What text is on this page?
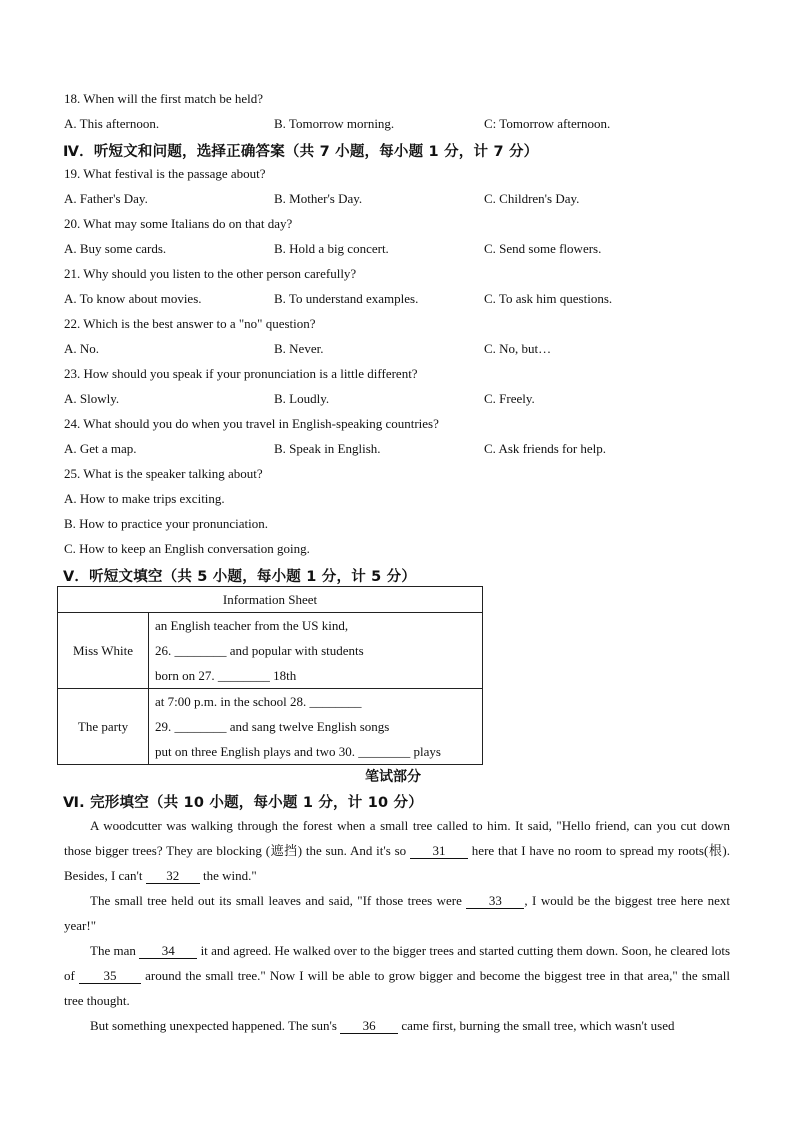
18. When will the first match be held?
A. This afternoon.	B. Tomorrow morning.	C: Tomorrow afternoon.
Ⅳ．听短文和问题，选择正确答案（共 7 小题，每小题 1 分，计 7 分）
19. What festival is the passage about?
A. Father's Day.	B. Mother's Day.	C. Children's Day.
20. What may some Italians do on that day?
A. Buy some cards.	B. Hold a big concert.	C. Send some flowers.
21. Why should you listen to the other person carefully?
A. To know about movies.	B. To understand examples.	C. To ask him questions.
22. Which is the best answer to a "no" question?
A. No.	B. Never.	C. No, but…
23. How should you speak if your pronunciation is a little different?
A. Slowly.	B. Loudly.	C. Freely.
24. What should you do when you travel in English-speaking countries?
A. Get a map.	B. Speak in English.	C. Ask friends for help.
25. What is the speaker talking about?
A. How to make trips exciting.
B. How to practice your pronunciation.
C. How to keep an English conversation going.
Ⅴ．听短文填空（共 5 小题，每小题 1 分，计 5 分）
Information Sheet	
Miss White	an English teacher from the US kind,
26. ________ and popular with students
born on 27. ________ 18th

The party	at 7:00 p.m. in the school 28. ________
29. ________ and sang twelve English songs
put on three English plays and two 30. ________ plays
笔试部分
Ⅵ. 完形填空（共 10 小题，每小题 1 分，计 10 分）
A woodcutter was walking through the forest when a small tree called to him. It said, "Hello friend, can you cut down those bigger trees? They are blocking (遮挡) the sun. And it's so 31 here that I have no room to spread my roots(根). Besides, I can't 32 the wind."
The small tree held out its small leaves and said, "If those trees were 33 , I would be the biggest tree here next year!"
The man 34 it and agreed. He walked over to the bigger trees and started cutting them down. Soon, he cleared lots of 35 around the small tree." Now I will be able to grow bigger and become the biggest tree in that area," the small tree thought.
But something unexpected happened. The sun's 36 came first, burning the small tree, which wasn't used
